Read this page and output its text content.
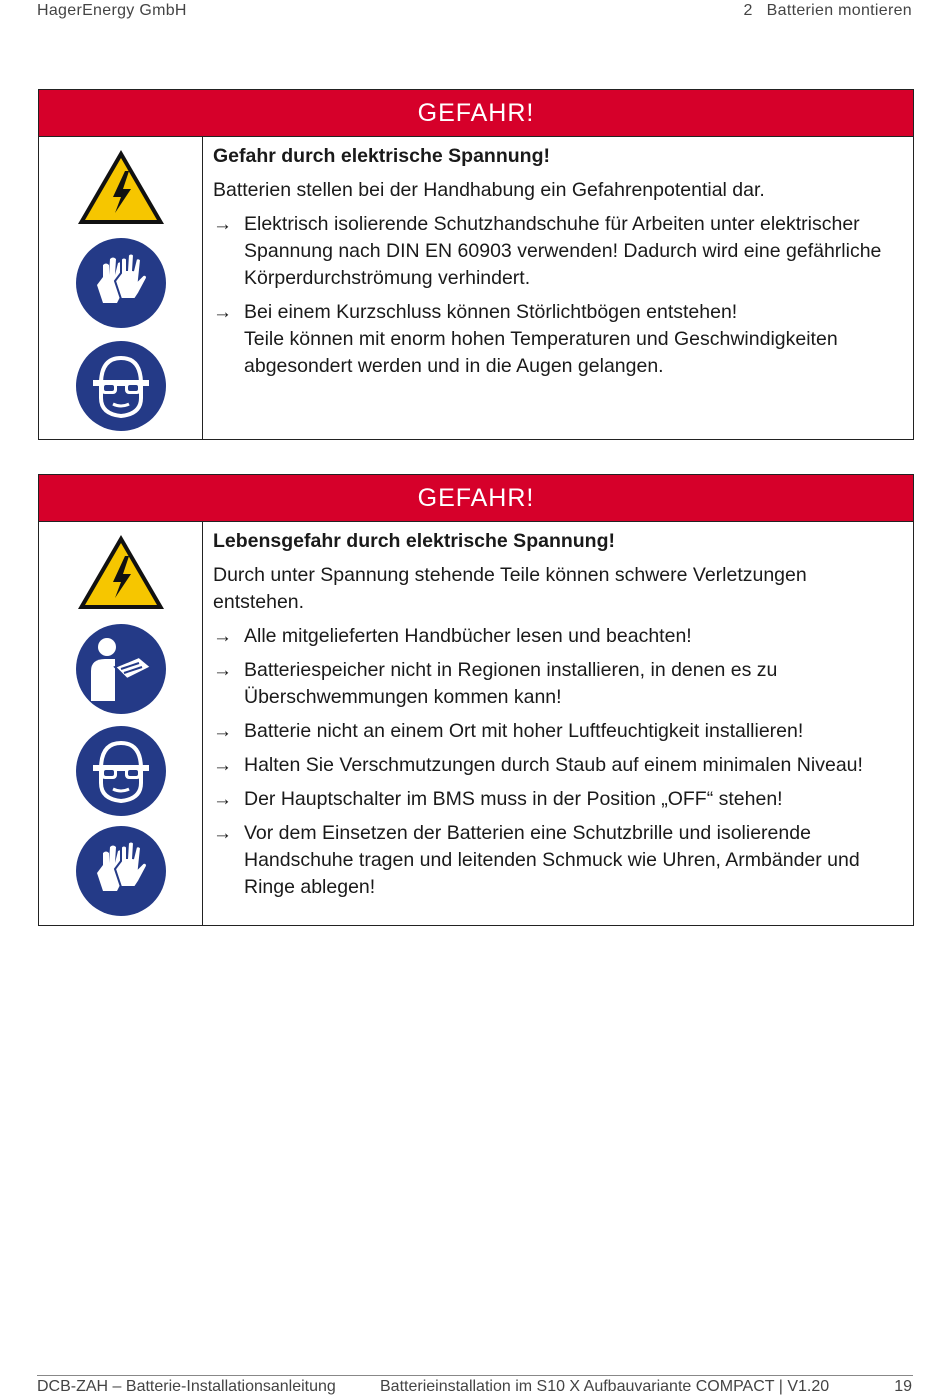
HagerEnergy GmbH	2 Batterien montieren
GEFAHR!
Gefahr durch elektrische Spannung!
Batterien stellen bei der Handhabung ein Gefahrenpotential dar.
→ Elektrisch isolierende Schutzhandschuhe für Arbeiten unter elektrischer Spannung nach DIN EN 60903 verwenden! Dadurch wird eine gefährliche Körperdurchströmung verhindert.
→ Bei einem Kurzschluss können Störlichtbögen entstehen!
Teile können mit enorm hohen Temperaturen und Geschwindigkeiten abgesondert werden und in die Augen gelangen.
GEFAHR!
Lebensgefahr durch elektrische Spannung!
Durch unter Spannung stehende Teile können schwere Verletzungen entstehen.
→ Alle mitgelieferten Handbücher lesen und beachten!
→ Batteriespeicher nicht in Regionen installieren, in denen es zu Überschwemmungen kommen kann!
→ Batterie nicht an einem Ort mit hoher Luftfeuchtigkeit installieren!
→ Halten Sie Verschmutzungen durch Staub auf einem minimalen Niveau!
→ Der Hauptschalter im BMS muss in der Position „OFF“ stehen!
→ Vor dem Einsetzen der Batterien eine Schutzbrille und isolierende Handschuhe tragen und leitenden Schmuck wie Uhren, Armbänder und Ringe ablegen!
DCB-ZAH – Batterie-Installationsanleitung	Batterieinstallation im S10 X Aufbauvariante COMPACT | V1.20	19
